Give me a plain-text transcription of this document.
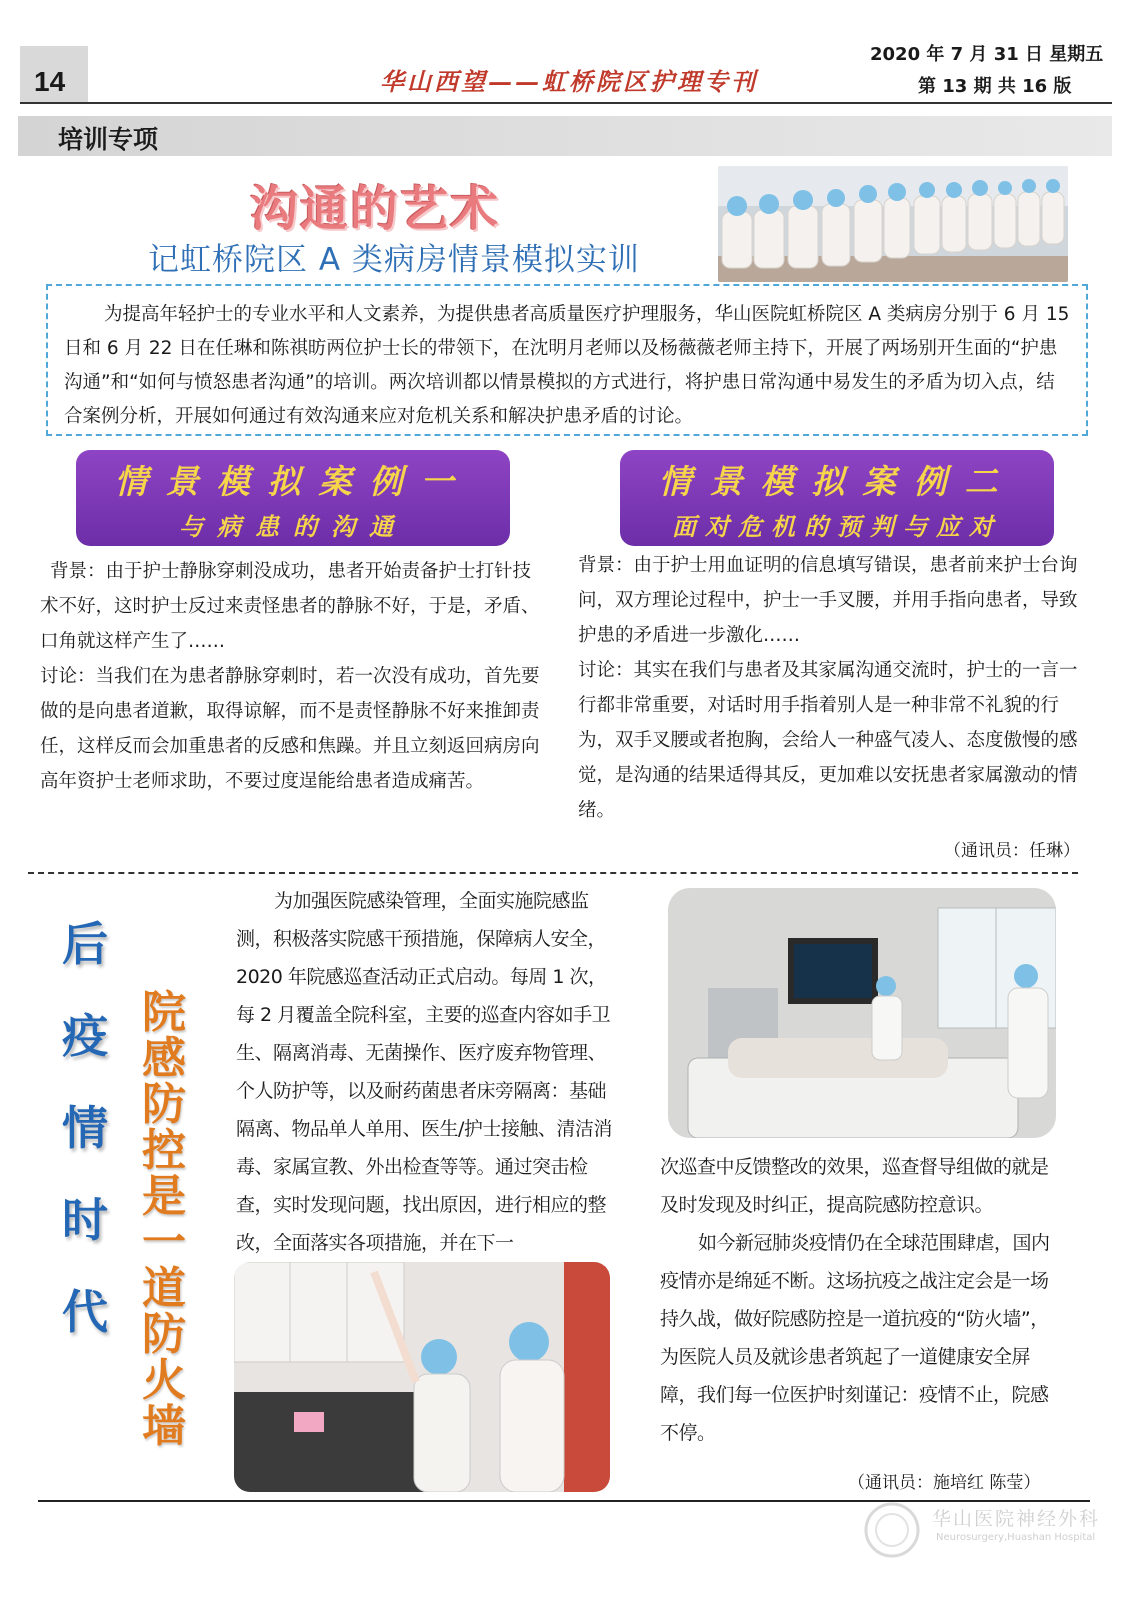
14	华山西望——虹桥院区护理专刊
2020 年 7 月 31 日 星期五
第 13 期 共 16 版
培训专项
沟通的艺术
记虹桥院区 A 类病房情景模拟实训

为提高年轻护士的专业水平和人文素养，为提供患者高质量医疗护理服务，华山医院虹桥院区 A 类病房分别于 6 月 15 日和 6 月 22 日在任琳和陈祺昉两位护士长的带领下，在沈明月老师以及杨薇薇老师主持下，开展了两场别开生面的“护患沟通”和“如何与愤怒患者沟通”的培训。两次培训都以情景模拟的方式进行，将护患日常沟通中易发生的矛盾为切入点，结合案例分析，开展如何通过有效沟通来应对危机关系和解决护患矛盾的讨论。

情景模拟案例一
与病患的沟通
情景模拟案例二
面对危机的预判与应对

背景：由于护士静脉穿刺没成功，患者开始责备护士打针技术不好，这时护士反过来责怪患者的静脉不好，于是，矛盾、口角就这样产生了……

讨论：当我们在为患者静脉穿刺时，若一次没有成功，首先要做的是向患者道歉，取得谅解，而不是责怪静脉不好来推卸责任，这样反而会加重患者的反感和焦躁。并且立刻返回病房向高年资护士老师求助，不要过度逞能给患者造成痛苦。

背景：由于护士用血证明的信息填写错误，患者前来护士台询问，双方理论过程中，护士一手叉腰，并用手指向患者，导致护患的矛盾进一步激化……

讨论：其实在我们与患者及其家属沟通交流时，护士的一言一行都非常重要，对话时用手指着别人是一种非常不礼貌的行为，双手叉腰或者抱胸，会给人一种盛气凌人、态度傲慢的感觉，是沟通的结果适得其反，更加难以安抚患者家属激动的情绪。

（通讯员：任琳）
后
疫
情
时
代
院
感
防
控
是
一
道
防
火
墙

为加强医院感染管理，全面实施院感监测，积极落实院感干预措施，保障病人安全，2020 年院感巡查活动正式启动。每周 1 次，每 2 月覆盖全院科室，主要的巡查内容如手卫生、隔离消毒、无菌操作、医疗废弃物管理、个人防护等，以及耐药菌患者床旁隔离：基础隔离、物品单人单用、医生/护士接触、清洁消毒、家属宣教、外出检查等等。通过突击检查，实时发现问题，找出原因，进行相应的整改，全面落实各项措施，并在下一

次巡查中反馈整改的效果，巡查督导组做的就是及时发现及时纠正，提高院感防控意识。

如今新冠肺炎疫情仍在全球范围肆虐，国内疫情亦是绵延不断。这场抗疫之战注定会是一场持久战，做好院感防控是一道抗疫的“防火墙”，为医院人员及就诊患者筑起了一道健康安全屏障，我们每一位医护时刻谨记：疫情不止，院感不停。

（通讯员：施培红 陈莹）
华山医院神经外科
Neurosurgery,Huashan Hospital
